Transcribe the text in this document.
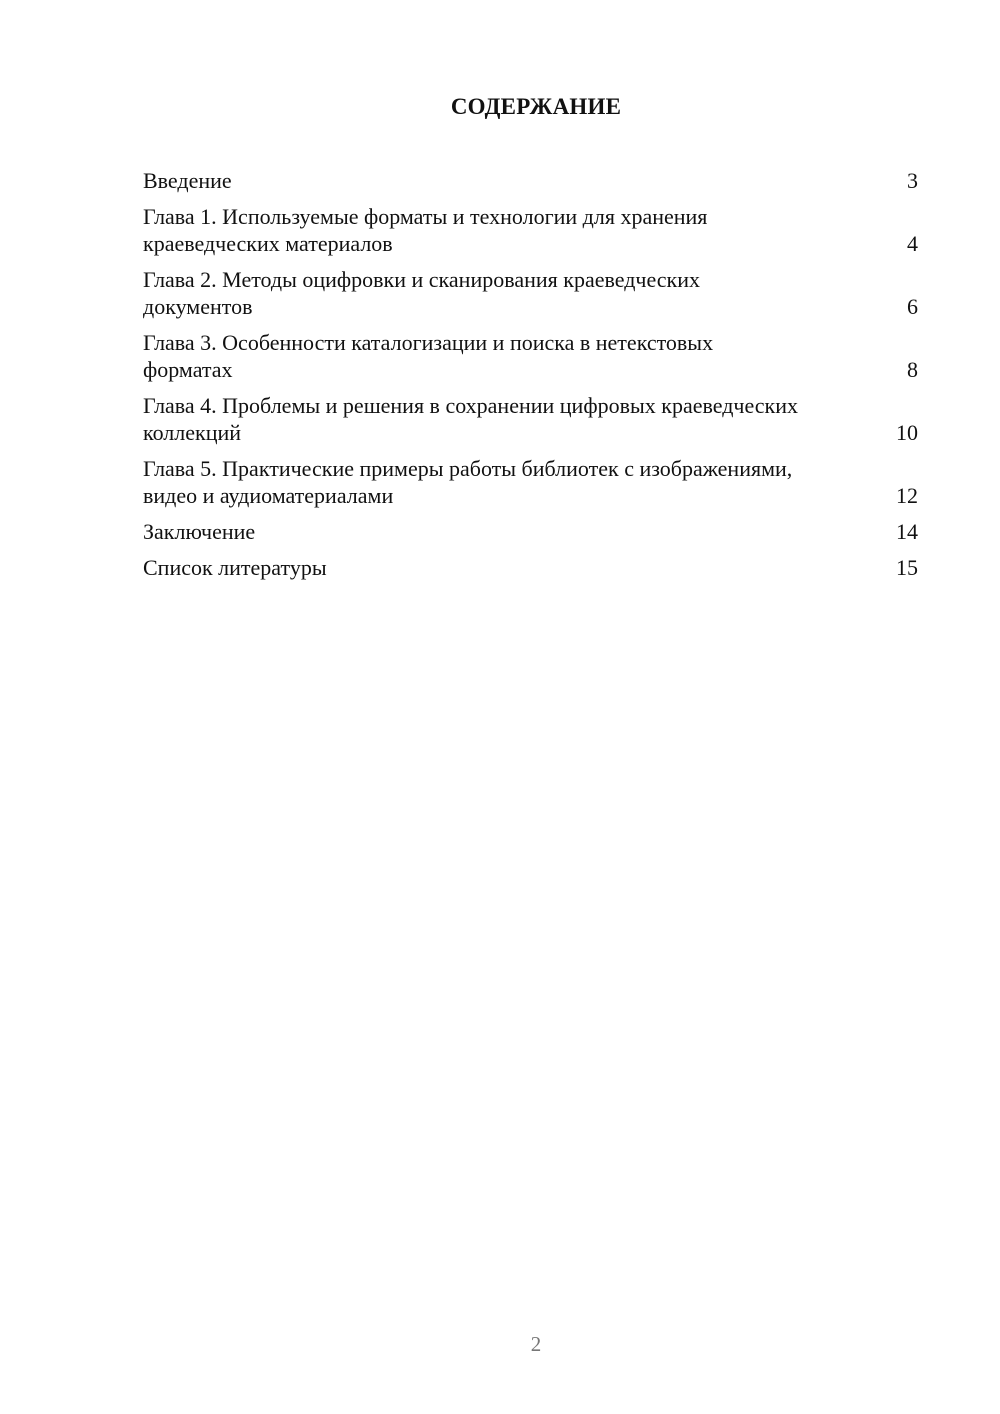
СОДЕРЖАНИЕ
Введение	3
Глава 1. Используемые форматы и технологии для хранения краеведческих материалов	4
Глава 2. Методы оцифровки и сканирования краеведческих документов	6
Глава 3. Особенности каталогизации и поиска в нетекстовых форматах	8
Глава 4. Проблемы и решения в сохранении цифровых краеведческих коллекций	10
Глава 5. Практические примеры работы библиотек с изображениями, видео и аудиоматериалами	12
Заключение	14
Список литературы	15
2
